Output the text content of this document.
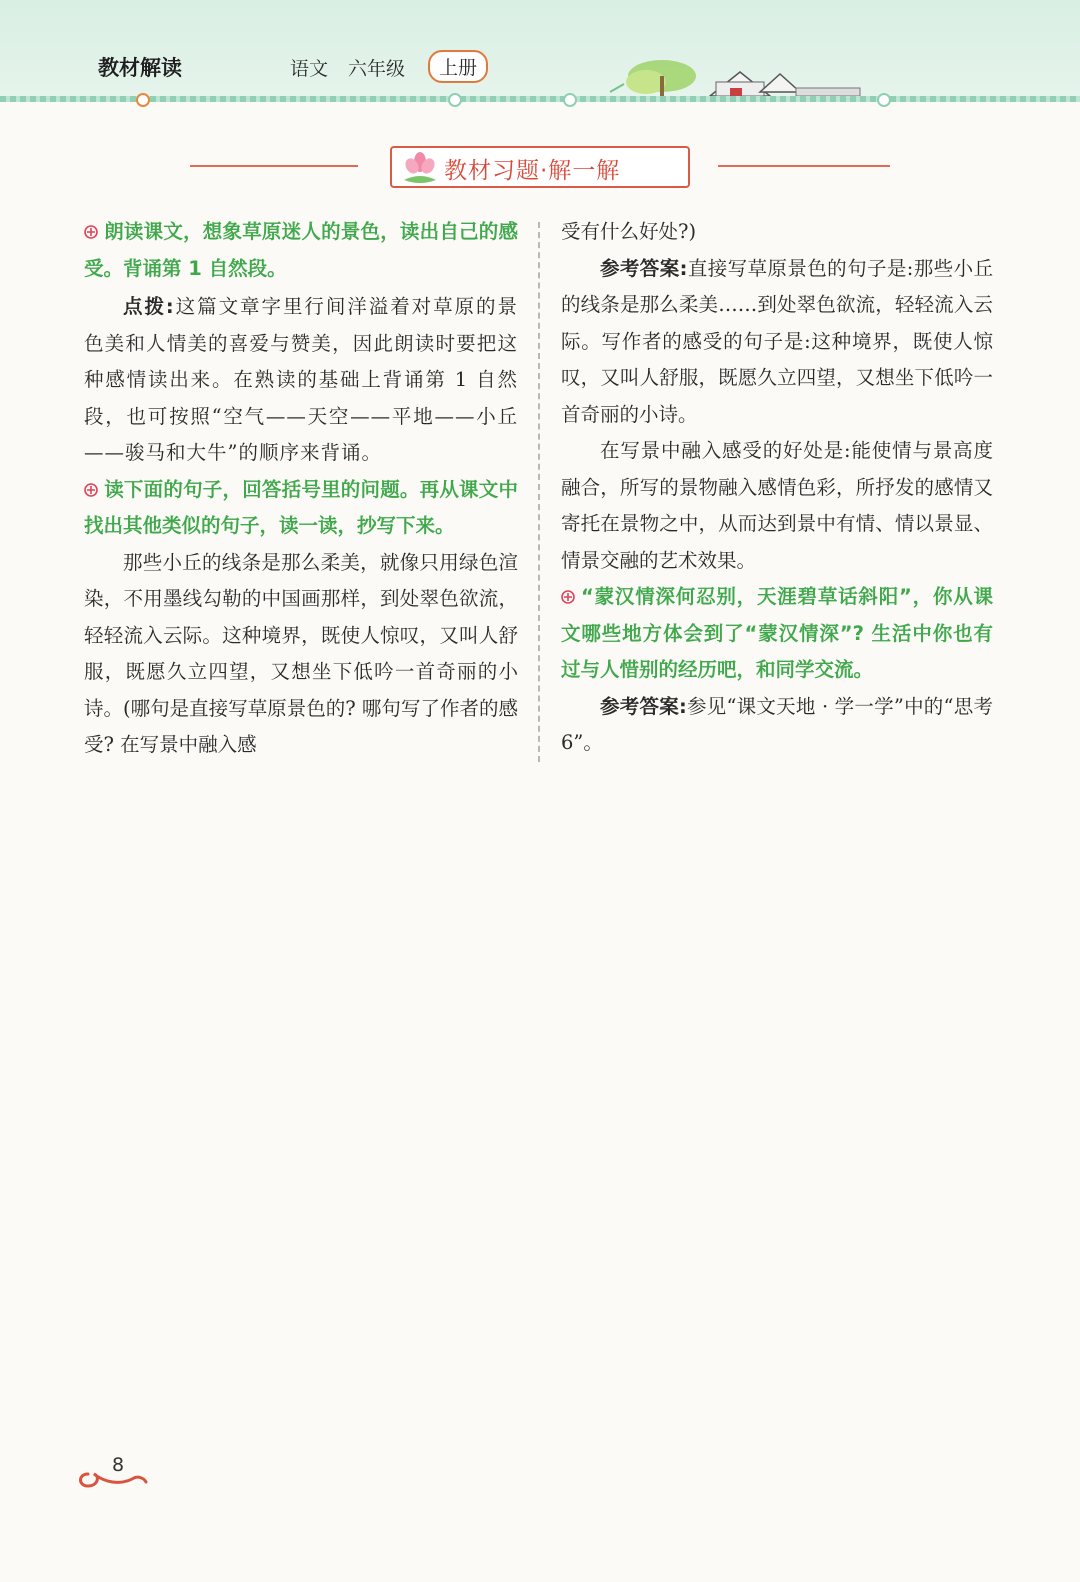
教材解读	语文 六年级	上册
教材习题·解一解

朗读课文，想象草原迷人的景色，读出自己的感受。背诵第 1 自然段。

点拨:这篇文章字里行间洋溢着对草原的景色美和人情美的喜爱与赞美，因此朗读时要把这种感情读出来。在熟读的基础上背诵第 1 自然段，也可按照“空气——天空——平地——小丘——骏马和大牛”的顺序来背诵。

读下面的句子，回答括号里的问题。再从课文中找出其他类似的句子，读一读，抄写下来。

那些小丘的线条是那么柔美，就像只用绿色渲染，不用墨线勾勒的中国画那样，到处翠色欲流，轻轻流入云际。这种境界，既使人惊叹，又叫人舒服，既愿久立四望，又想坐下低吟一首奇丽的小诗。(哪句是直接写草原景色的? 哪句写了作者的感受? 在写景中融入感

受有什么好处?)

参考答案:直接写草原景色的句子是:那些小丘的线条是那么柔美……到处翠色欲流，轻轻流入云际。写作者的感受的句子是:这种境界，既使人惊叹，又叫人舒服，既愿久立四望，又想坐下低吟一首奇丽的小诗。

在写景中融入感受的好处是:能使情与景高度融合，所写的景物融入感情色彩，所抒发的感情又寄托在景物之中，从而达到景中有情、情以景显、情景交融的艺术效果。

“蒙汉情深何忍别，天涯碧草话斜阳”，你从课文哪些地方体会到了“蒙汉情深”? 生活中你也有过与人惜别的经历吧，和同学交流。

参考答案:参见“课文天地 · 学一学”中的“思考 6”。

8
